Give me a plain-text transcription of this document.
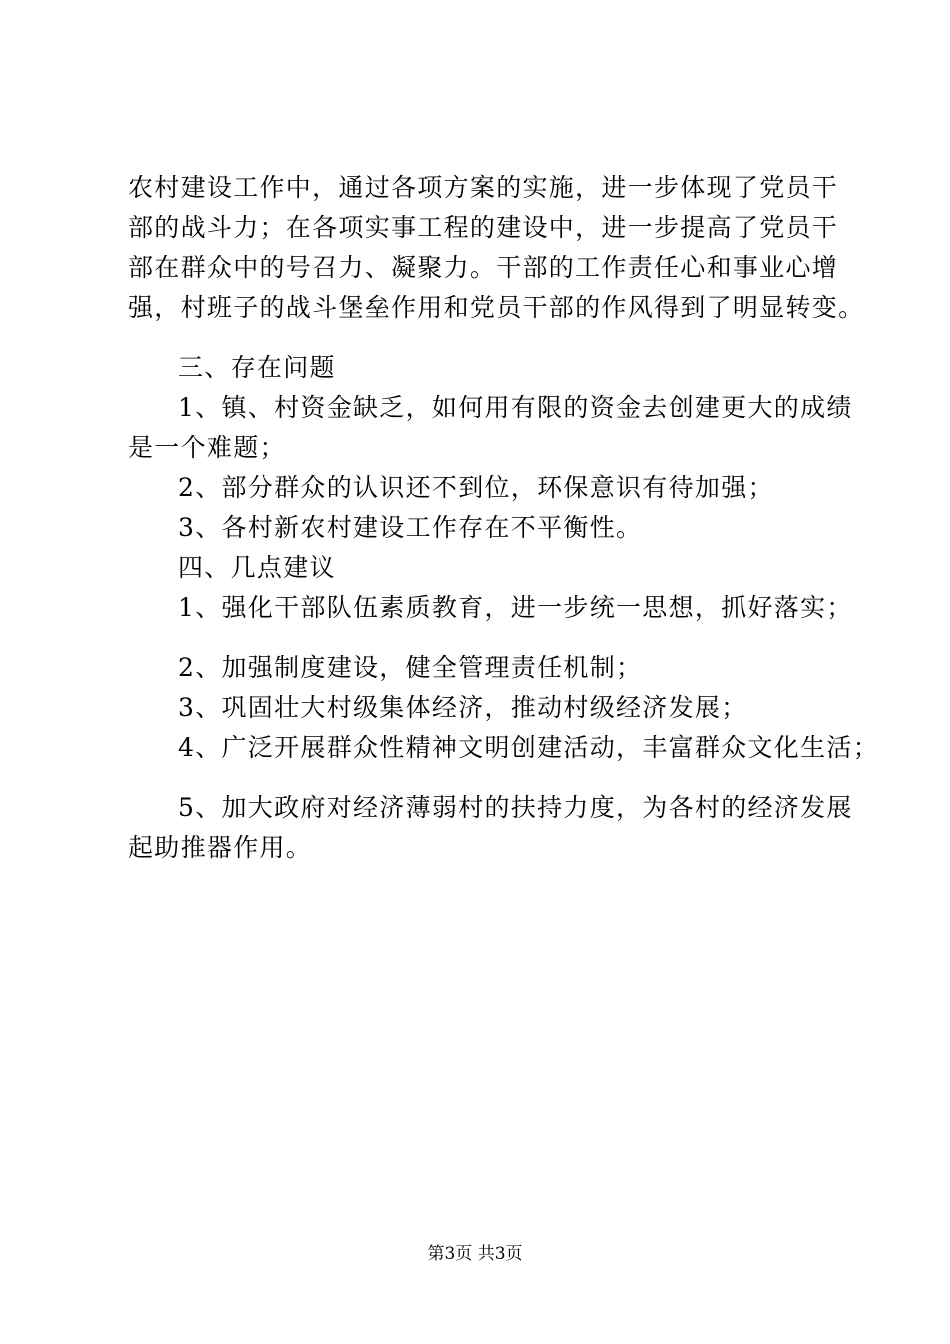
农村建设工作中，通过各项方案的实施，进一步体现了党员干
部的战斗力；在各项实事工程的建设中，进一步提高了党员干
部在群众中的号召力、凝聚力。干部的工作责任心和事业心增
强，村班子的战斗堡垒作用和党员干部的作风得到了明显转变。
三、存在问题
1、镇、村资金缺乏，如何用有限的资金去创建更大的成绩
是一个难题；
2、部分群众的认识还不到位，环保意识有待加强；
3、各村新农村建设工作存在不平衡性。
四、几点建议
1、强化干部队伍素质教育，进一步统一思想，抓好落实；
2、加强制度建设，健全管理责任机制；
3、巩固壮大村级集体经济，推动村级经济发展；
4、广泛开展群众性精神文明创建活动，丰富群众文化生活；
5、加大政府对经济薄弱村的扶持力度，为各村的经济发展
起助推器作用。
第3页 共3页
